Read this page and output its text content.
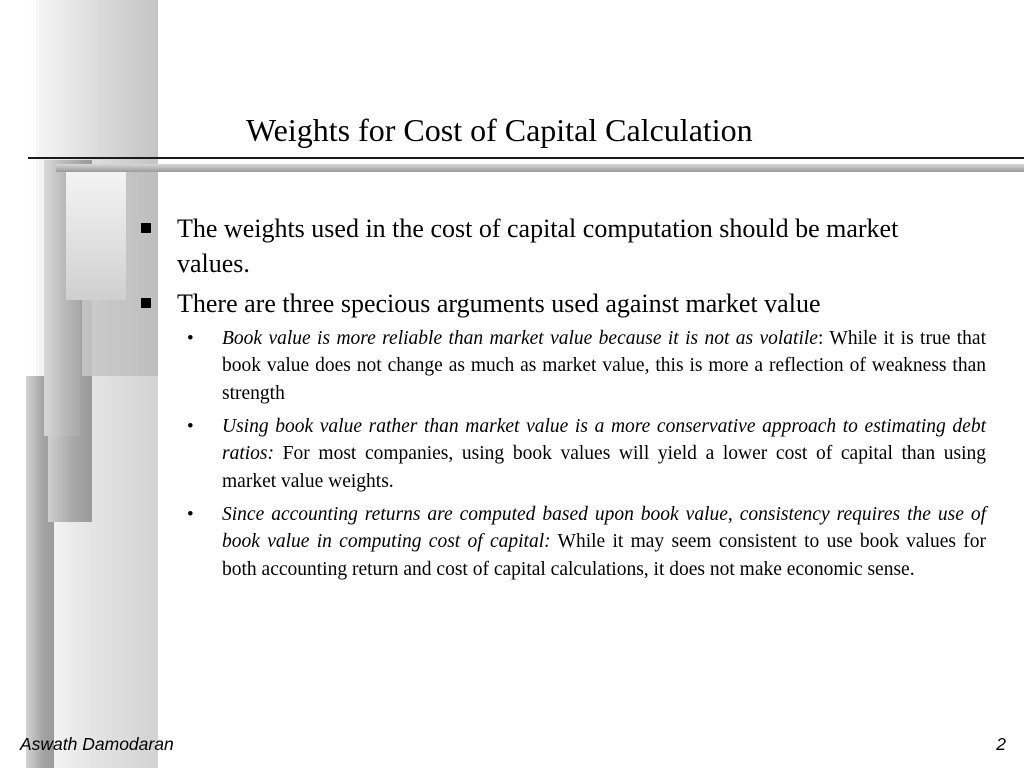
Weights for Cost of Capital Calculation
The weights used in the cost of capital computation should be market values.
There are three specious arguments used against market value
• Book value is more reliable than market value because it is not as volatile: While it is true that book value does not change as much as market value, this is more a reflection of weakness than strength
• Using book value rather than market value is a more conservative approach to estimating debt ratios: For most companies, using book values will yield a lower cost of capital than using market value weights.
• Since accounting returns are computed based upon book value, consistency requires the use of book value in computing cost of capital: While it may seem consistent to use book values for both accounting return and cost of capital calculations, it does not make economic sense.
Aswath Damodaran	2
